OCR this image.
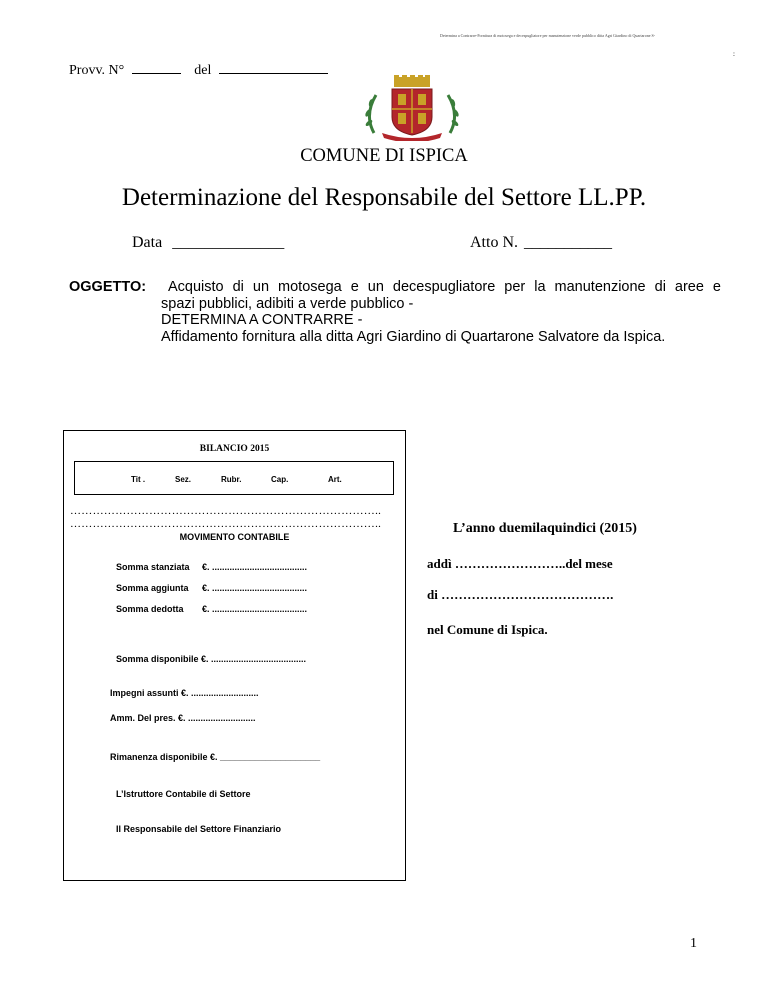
Determina a Contrarre-Fornitura di motosega e decespugliatore per manutenzione verde pubblico ditta Agri Giardino di Quartarone S-
:
Provv. N°	del
COMUNE DI ISPICA
Determinazione del Responsabile del Settore LL.PP.
Data ______________	Atto N. ___________
OGGETTO: Acquisto di un motosega e un decespugliatore per la manutenzione di aree e
spazi pubblici, adibiti a verde pubblico -
DETERMINA A CONTRARRE -
Affidamento fornitura alla ditta Agri Giardino di Quartarone Salvatore da Ispica.
BILANCIO 2015
Tit .	Sez.	Rubr.	Cap.	Art.
………………………………………………………………………..
………………………………………………………………………..
MOVIMENTO CONTABILE
Somma stanziata €. ......................................
Somma aggiunta €. ......................................
Somma dedotta €. ......................................
Somma disponibile €. ......................................
Impegni assunti €. ...........................
Amm. Del pres. €. ...........................
Rimanenza disponibile €. ____________________
L’Istruttore Contabile di Settore
Il Responsabile del Settore Finanziario
L’anno duemilaquindici (2015)
addì ……………………..del mese
di ………………………………….
nel Comune di Ispica.
1
